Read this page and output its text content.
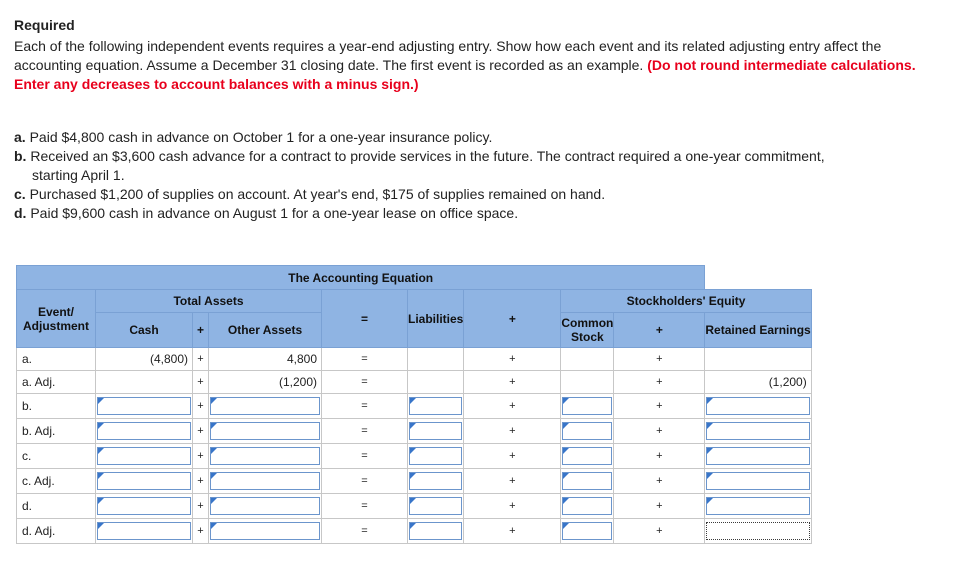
Required
Each of the following independent events requires a year-end adjusting entry. Show how each event and its related adjusting entry affect the accounting equation. Assume a December 31 closing date. The first event is recorded as an example. (Do not round intermediate calculations. Enter any decreases to account balances with a minus sign.)

a. Paid $4,800 cash in advance on October 1 for a one-year insurance policy.

b. Received an $3,600 cash advance for a contract to provide services in the future. The contract required a one-year commitment,
starting April 1.

c. Purchased $1,200 of supplies on account. At year's end, $175 of supplies remained on hand.

d. Paid $9,600 cash in advance on August 1 for a one-year lease on office space.

The Accounting Equation									
Event/ Adjustment	Total Assets			=	Liabilities	+	Stockholders' Equity		
	Cash	+	Other Assets				Common Stock	+	Retained Earnings
a.	(4,800)	+	4,800	=		+		+	
a. Adj.		+	(1,200)	=		+		+	(1,200)
b.		+		=		+		+	

b. Adj.		+		=		+		+	

c.		+		=		+		+	

c. Adj.		+		=		+		+	

d.		+		=		+		+	

d. Adj.		+		=		+		+	
